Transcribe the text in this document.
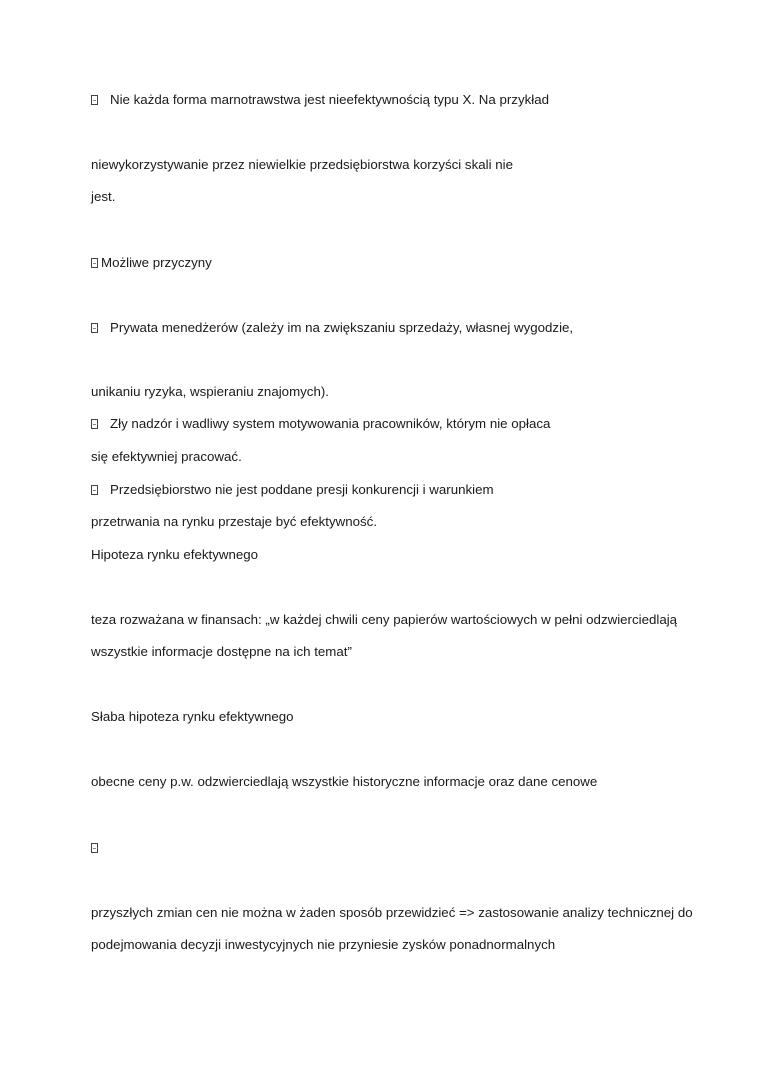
Nie każda forma marnotrawstwa jest nieefektywnością typu X. Na przykład
niewykorzystywanie przez niewielkie przedsiębiorstwa korzyści skali nie
jest.
Możliwe przyczyny
Prywata menedżerów (zależy im na zwiększaniu sprzedaży, własnej wygodzie,
unikaniu ryzyka, wspieraniu znajomych).
Zły nadzór i wadliwy system motywowania pracowników, którym nie opłaca
się efektywniej pracować.
Przedsiębiorstwo nie jest poddane presji konkurencji i warunkiem
przetrwania na rynku przestaje być efektywność.
Hipoteza rynku efektywnego
teza rozważana w finansach: „w każdej chwili ceny papierów wartościowych w pełni odzwierciedlają
wszystkie informacje dostępne na ich temat”
Słaba hipoteza rynku efektywnego
obecne ceny p.w. odzwierciedlają wszystkie historyczne informacje oraz dane cenowe
przyszłych zmian cen nie można w żaden sposób przewidzieć => zastosowanie analizy technicznej do
podejmowania decyzji inwestycyjnych nie przyniesie zysków ponadnormalnych
